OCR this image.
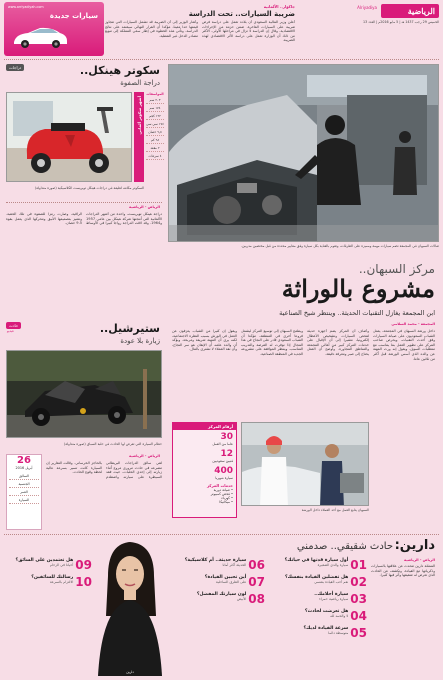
الرياضية
Alriyadiya
الخميس 29 رجب 1437 هـ | 5 مايو 2016م | العدد 13
جاكوار.. الألمانية
ضريبة السيارات.. تحت الدراسة
أعلن وزير المالية السعودي أن بلاده تعمل على دراسة فرض ضريبة على السيارات الفاخرة، ضمن حزمة من الإجراءات الاقتصادية. وقال إن الدراسة لا تزال في مراحلها الأولى. الأكثر من ذلك أن الوزارة تعمل على دراسة الأثر الاقتصادي لهذه الضريبة.
وأشار الوزير إلى أن الضريبة قد تشمل السيارات التي تتجاوز قيمتها حدا معينا، مؤكدا أن القرار النهائي سيعتمد على نتائج الدراسة. وتأتي هذه الخطوة في إطار سعي المملكة إلى تنويع مصادر الدخل غير النفطية.
www.arriyadiyah.com
سيارات جديدة
دراجات	سكوتر هينكل..
دراجة الصفوة
أشهر سكوتر ألماني
المواصفات
٢٠٣ سم
١٧٤ سم
١٩٢ كجم
١٧٤ سي سي
٩٫٥ حصان
٩٨ كم
٢ مقعد
٤ سرعات
السكوتر مكانته لطيفة في دراجات هينكل تويريست الكلاسيكية (صورة متداولة)
الرياض - الرياضية
دراجة هينكل تويريست، واحدة من أشهر الدراجات الألمانية التي أنتجتها شركة هينكل بين عامي 1957 و1964. وقد لاقت الدراجة رواجا كبيرا في الأوساط الراقية، وصارت رمزا للصفوة في تلك الحقبة. وتتميز بتصميمها الأنيق ومحركها الذي يعمل بقوة 9.5 حصان.
صالات السبهان في المجمعة تضم سيارات مهمة ومميزة على الطرقات، وتقوم بالعناية بكل سيارة وفق معايير محددة من قبل مختصين مدربين.
مركز السبهان..
مشروع بالوراثة
ابن المجمعة يغازل التقنيات الحديثة.. وينتظر شيخ الصناعية
المجمعة - محمد السلامي
داخل ورشة السبهان في المجمعة، يعمل الشباب السعوديون على صيانة السيارات وفق أحدث التقنيات، ويحرص صاحب المركز على تطوير العمل بما يتناسب مع متطلبات السوق. ويقول إنه ورث المهنة عن والده الذي أسس الورشة قبل أكثر من ثلاثين عاما.
وأضاف أن المركز يضم أجهزة حديثة لفحص السيارات وتشخيص الأعطال إلكترونيا، مشيرا إلى أن الإقبال على خدمات المركز كبير من أهالي المجمعة والمناطق المجاورة. وأوضح أن العمل يحتاج إلى صبر ومعرفة دقيقة.
ويطمح السبهان إلى توسيع المركز ليشمل فروعا أخرى في المنطقة، مؤكدا أن الشباب السعودي قادر على النجاح في هذا المجال إذا توفرت له الفرصة والتدريب المناسب. وينتظر الموافقة على مشروعه الجديد في المنطقة الصناعية.
ويقول إن كثيرا من الشباب يعزفون عن العمل في الورش بسبب النظرة الاجتماعية، لكنه يرى أن المهنة شريفة ومربحة. ويؤكد أن والده علمه أن الإتقان هو سر النجاح، وأن ثقة العملاء لا تشترى بالمال.
السبهان يتابع العمل مع أحد العملاء داخل الورشة
أرقام المركز
30
عاما من العمل
12
فنيين سعوديين
400
سيارة شهريا
خدمات المركز
• صيانة دورية
• فحص كمبيوتر
• كهرباء
• ميكانيكا
حادث
فيديو	ستيرشيل..
زيارة بلا عودة
حطام السيارة التي تعرض لها الحادث في حلبة السباق (صورة متداولة)
26
أبريل 2016
السائق
الجنسية
العمر
السيارة
الرياض - الرياضية
لقي سائق الدراجات البريطاني مصرعه في حادث مروري مروع أثناء زيارته إلى إحدى الحلبات، حيث فقد السيطرة على سيارته واصطدم بالحاجز الخرساني. وقالت التقارير إن السيارة كانت تسير بسرعة عالية لحظة وقوع الحادث.
دارين:
حادث شقيقي.. صدمني
الرياض - الرياضية
الممثلة دارين تتحدث عن علاقتها بالسيارات وذكرياتها مع القيادة، وتكشف عن الحادث الذي تعرض له شقيقها وأثر فيها كثيرا.
دارين
01
أول سيارة قدتها في حياتك؟
سيارة والدي الصغيرة
02
هل تفضلين القيادة بنفسك؟
نعم أحب القيادة بنفسي
03
سيارة أحلامك..
سيارة رياضية حمراء
04
هل تعرضت لحادث؟
لا والحمد لله
05
سرعة القيادة لديك؟
متوسطة دائما
06
سيارة حديثة.. أم كلاسيكية؟
الحديثة أكثر أمانا
07
أين تحبين القيادة؟
على الطرق الساحلية
08
لون سيارتك المفضل؟
الأبيض
09
هل تعتمدين على السائق؟
أحيانا في الزحام
10
رسالتك للسائقين؟
الالتزام بالسرعة
